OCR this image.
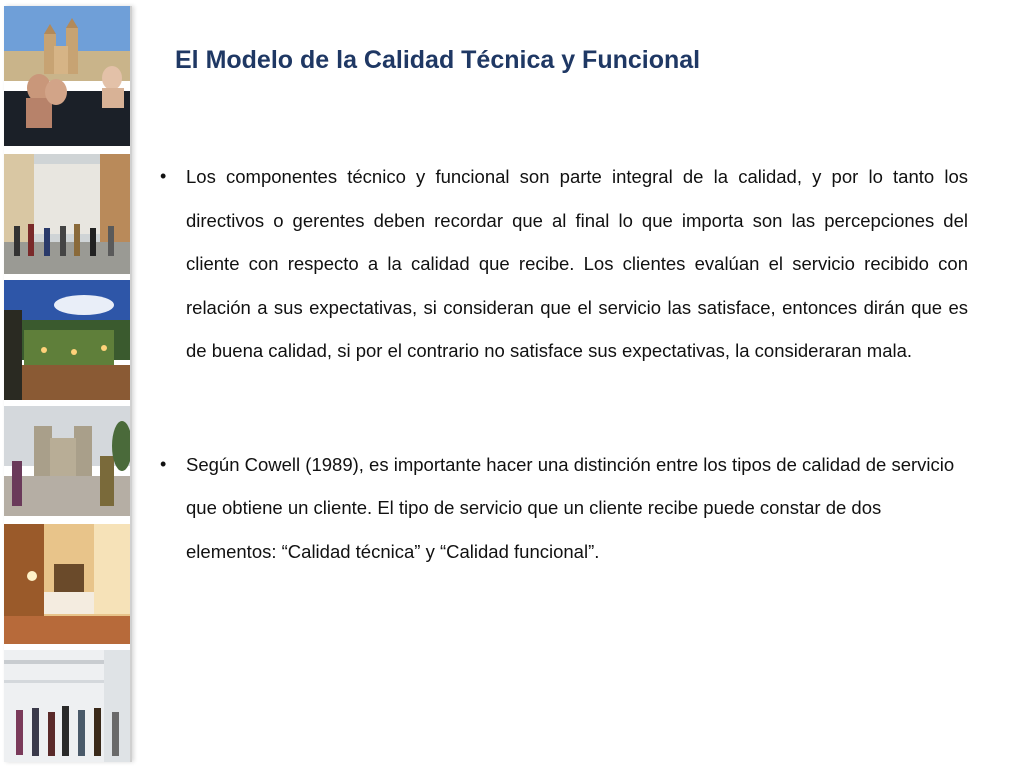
El Modelo de la Calidad Técnica y Funcional
• Los componentes técnico y funcional son parte integral de la calidad, y por lo tanto los directivos o gerentes deben recordar que al final lo que importa son las percepciones del cliente con respecto a la calidad que recibe. Los clientes evalúan el servicio recibido con relación a sus expectativas, si consideran que el servicio las satisface, entonces dirán que es de buena calidad, si por el contrario no satisface sus expectativas, la consideraran mala.
• Según Cowell (1989), es importante hacer una distinción entre los tipos de calidad de servicio que obtiene un cliente. El tipo de servicio que un cliente recibe puede constar de dos elementos: “Calidad técnica” y “Calidad funcional”.
